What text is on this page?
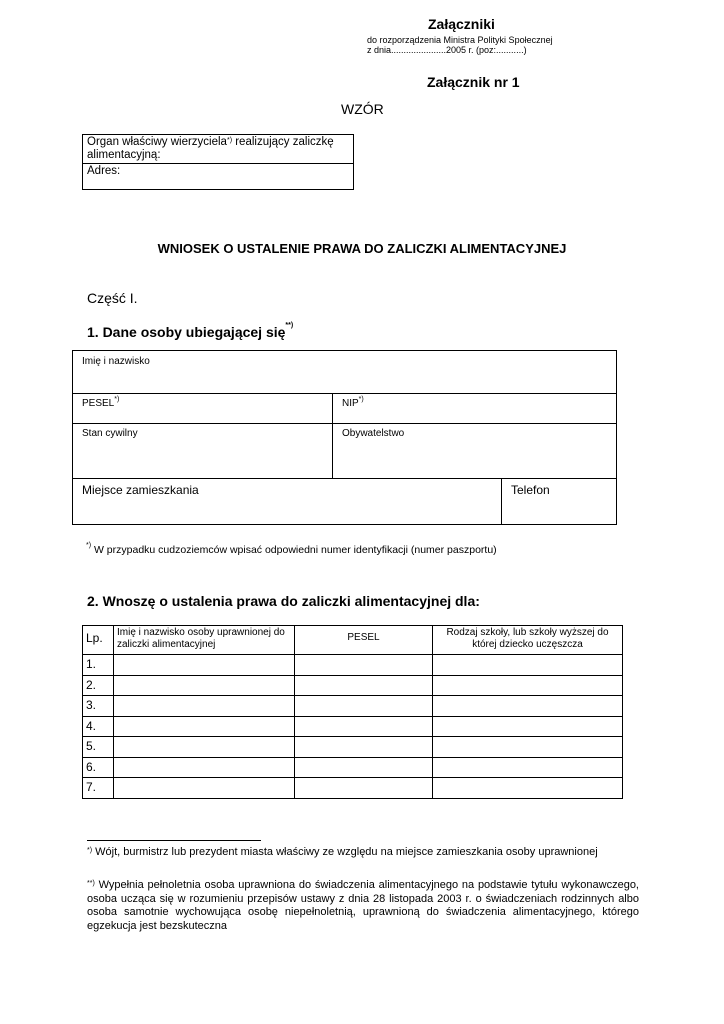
Załączniki
do rozporządzenia Ministra Polityki Społecznej
z dnia......................2005 r. (poz:...........)
Załącznik nr 1
WZÓR
Organ właściwy wierzyciela*) realizujący zaliczkę alimentacyjną:
Adres:
WNIOSEK O USTALENIE PRAWA DO ZALICZKI ALIMENTACYJNEJ
Część I.
1. Dane osoby ubiegającej się**)
Imię i nazwisko
PESEL*)	NIP*)
Stan cywilny	Obywatelstwo
Miejsce zamieszkania	Telefon
*) W przypadku cudzoziemców wpisać odpowiedni numer identyfikacji (numer paszportu)
2. Wnoszę o ustalenia prawa do zaliczki alimentacyjnej dla:
Lp.	Imię i nazwisko osoby uprawnionej do zaliczki alimentacyjnej	PESEL	Rodzaj szkoły, lub szkoły wyższej do której dziecko uczęszcza
1.			
2.			
3.			
4.			
5.			
6.			
7.			
*) Wójt, burmistrz lub prezydent miasta właściwy ze względu na miejsce zamieszkania osoby uprawnionej
**) Wypełnia pełnoletnia osoba uprawniona do świadczenia alimentacyjnego na podstawie tytułu wykonawczego, osoba ucząca się w rozumieniu przepisów ustawy z dnia 28 listopada 2003 r. o świadczeniach rodzinnych albo osoba samotnie wychowująca osobę niepełnoletnią, uprawnioną do świadczenia alimentacyjnego, którego egzekucja jest bezskuteczna
